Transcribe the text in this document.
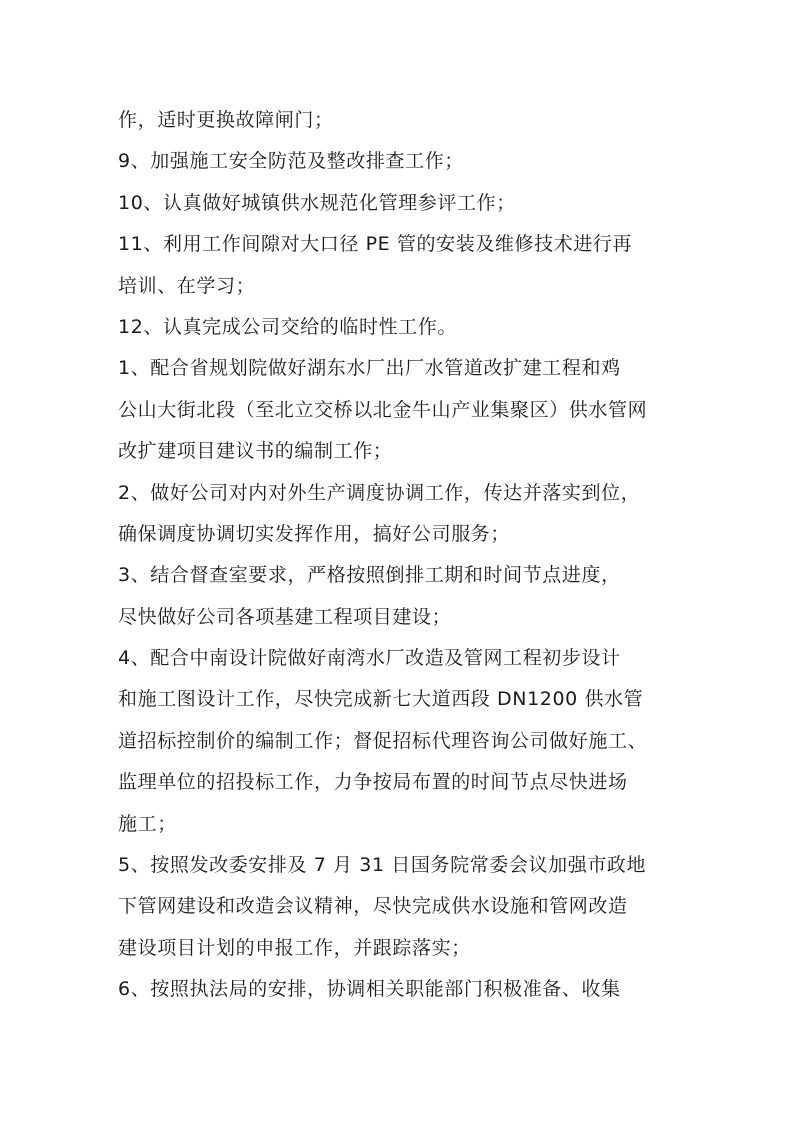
作，适时更换故障闸门；
9、加强施工安全防范及整改排查工作；
10、认真做好城镇供水规范化管理参评工作；
11、利用工作间隙对大口径 PE 管的安装及维修技术进行再
培训、在学习；
12、认真完成公司交给的临时性工作。
1、配合省规划院做好湖东水厂出厂水管道改扩建工程和鸡
公山大街北段（至北立交桥以北金牛山产业集聚区）供水管网
改扩建项目建议书的编制工作；
2、做好公司对内对外生产调度协调工作，传达并落实到位，
确保调度协调切实发挥作用，搞好公司服务；
3、结合督查室要求，严格按照倒排工期和时间节点进度，
尽快做好公司各项基建工程项目建设；
4、配合中南设计院做好南湾水厂改造及管网工程初步设计
和施工图设计工作，尽快完成新七大道西段 DN1200 供水管
道招标控制价的编制工作；督促招标代理咨询公司做好施工、
监理单位的招投标工作，力争按局布置的时间节点尽快进场
施工；
5、按照发改委安排及 7 月 31 日国务院常委会议加强市政地
下管网建设和改造会议精神，尽快完成供水设施和管网改造
建设项目计划的申报工作，并跟踪落实；
6、按照执法局的安排，协调相关职能部门积极准备、收集
